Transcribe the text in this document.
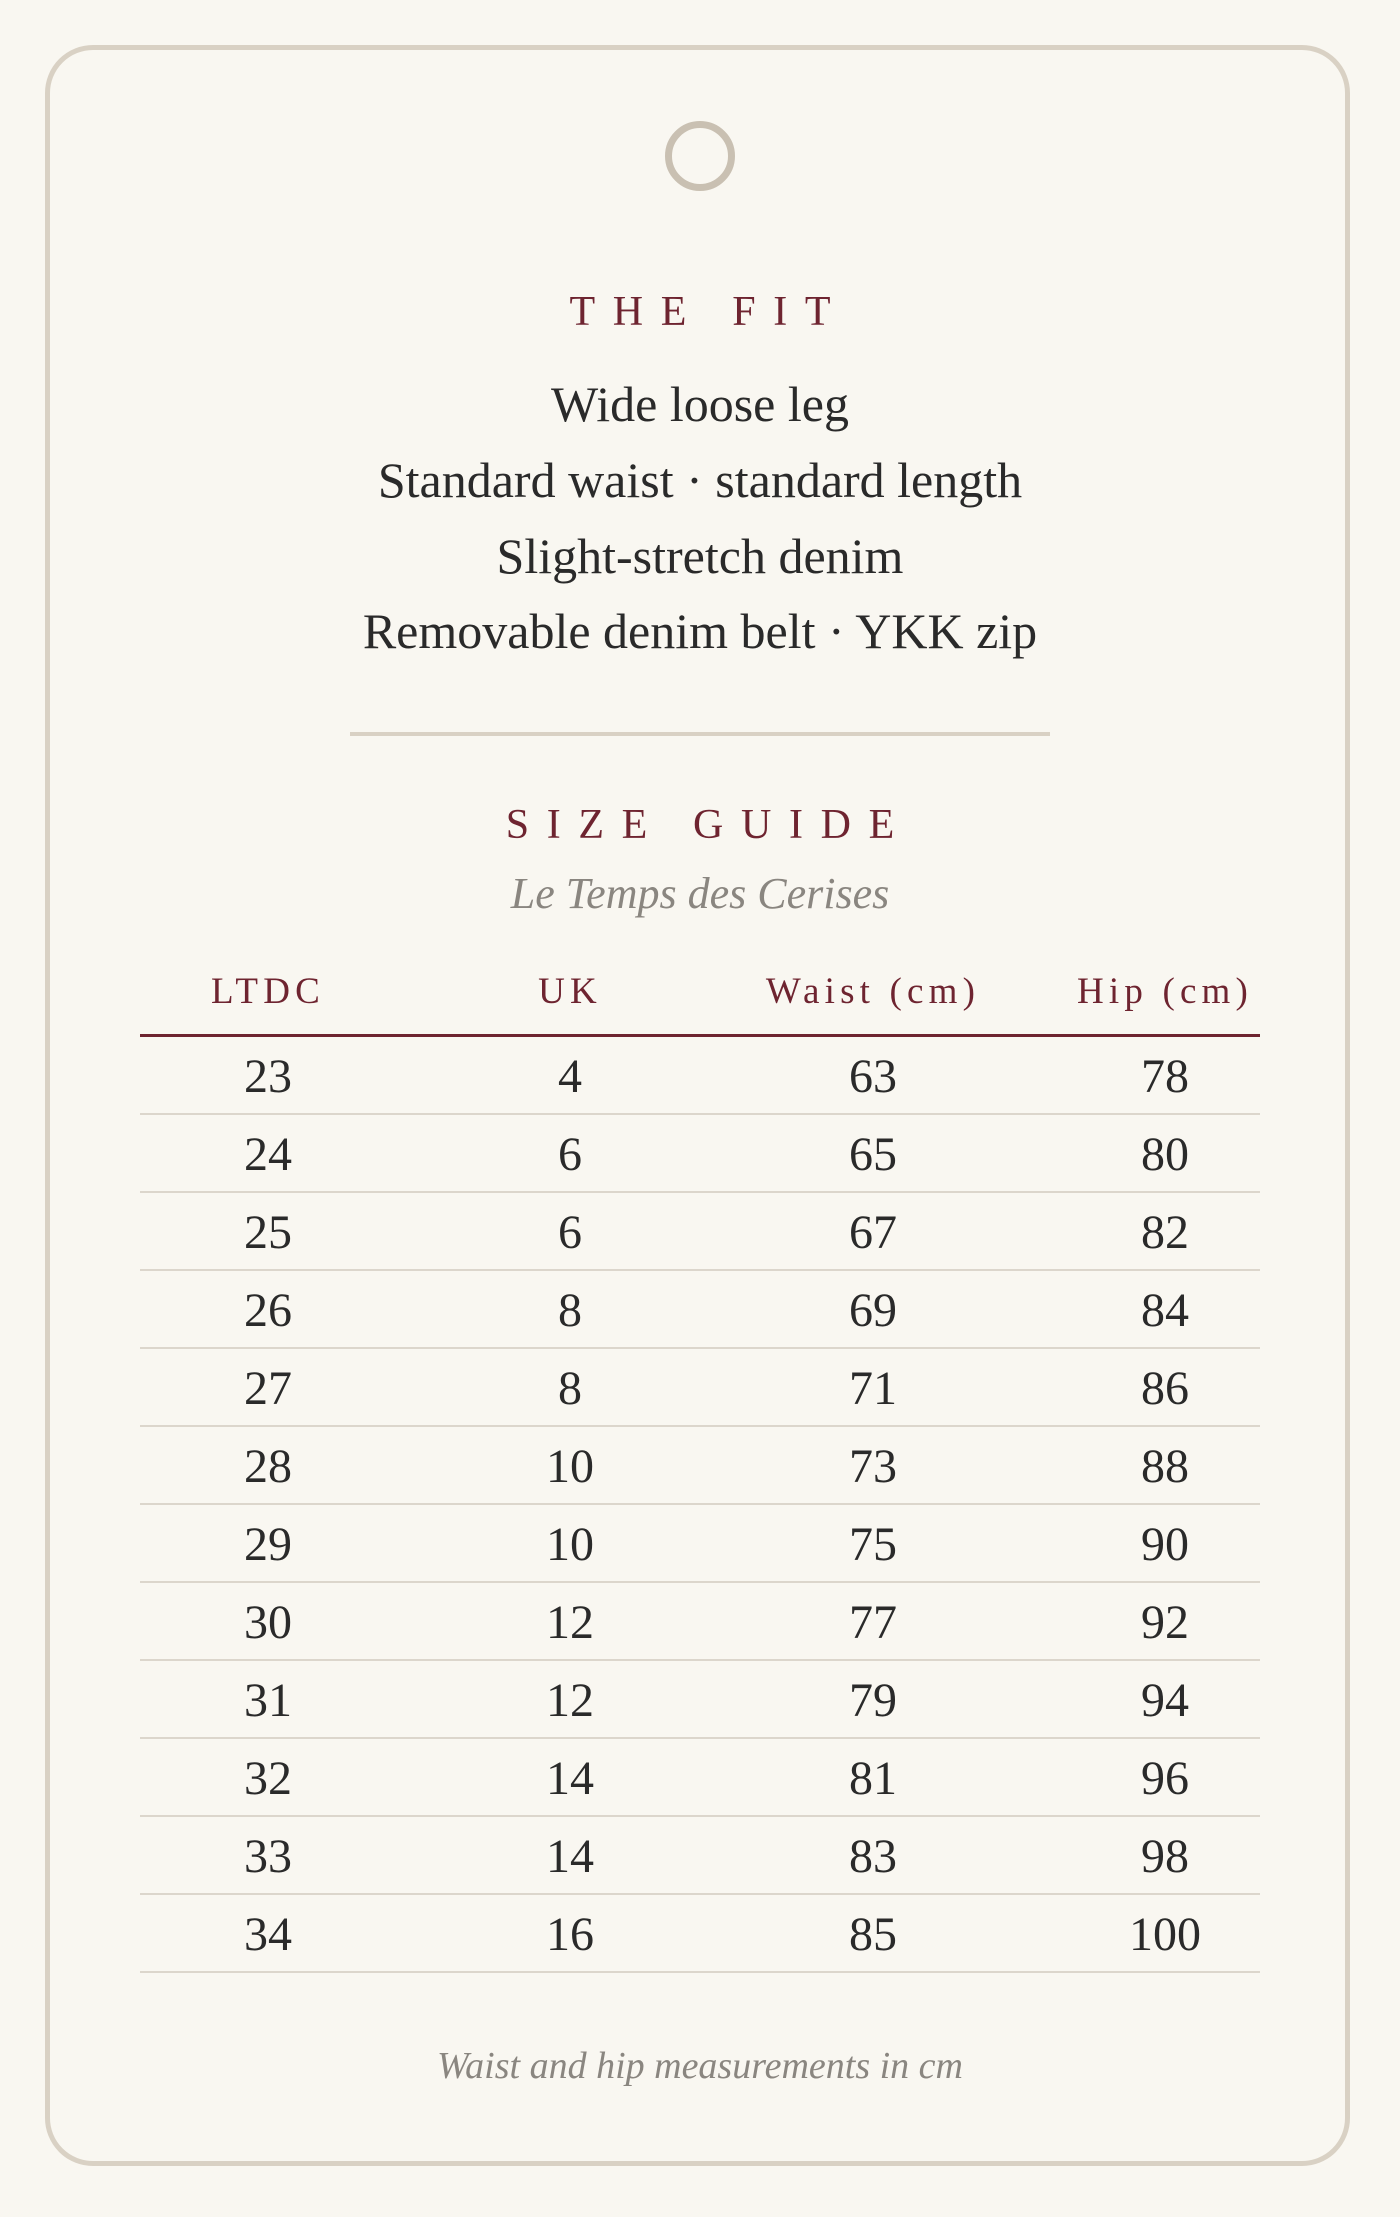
THE FIT
Wide loose leg
Standard waist · standard length
Slight-stretch denim
Removable denim belt · YKK zip
SIZE GUIDE
Le Temps des Cerises
LTDC	UK	Waist (cm)	Hip (cm)
23	4	63	78
24	6	65	80
25	6	67	82
26	8	69	84
27	8	71	86
28	10	73	88
29	10	75	90
30	12	77	92
31	12	79	94
32	14	81	96
33	14	83	98
34	16	85	100
Waist and hip measurements in cm
